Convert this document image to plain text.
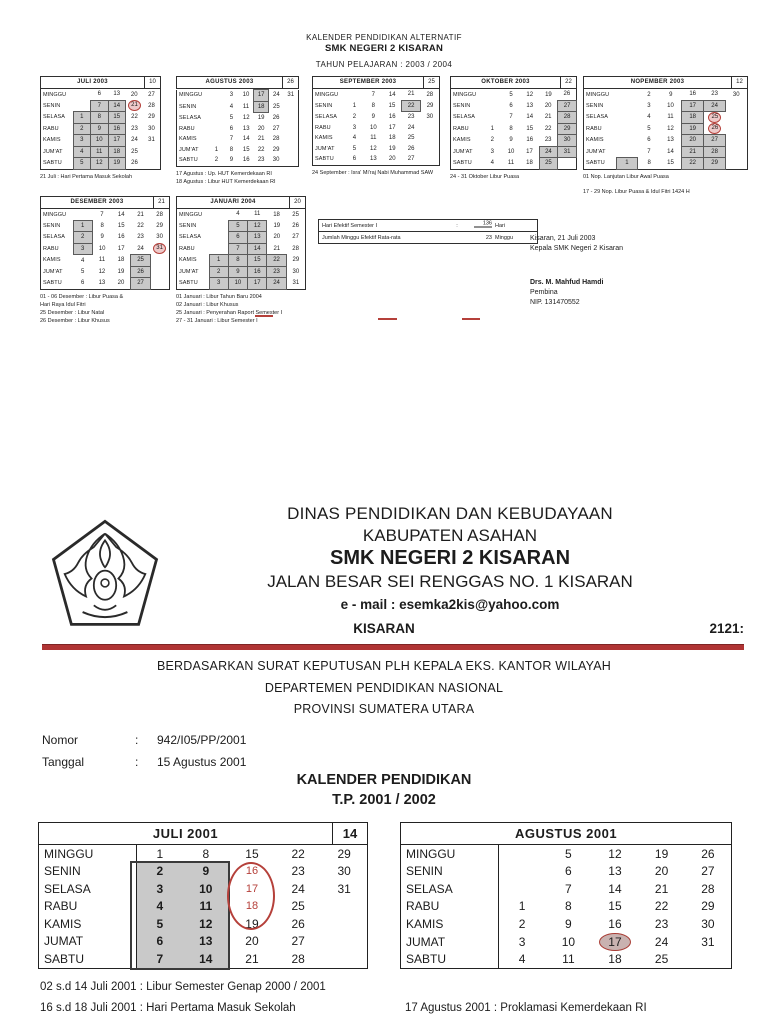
KALENDER PENDIDIKAN ALTERNATIF
SMK NEGERI 2 KISARAN
TAHUN PELAJARAN : 2003 / 2004
JULI 2003	10
MINGGU		6	13	20	27
SENIN		7	14	21	28
SELASA	1	8	15	22	29
RABU	2	9	16	23	30
KAMIS	3	10	17	24	31
JUM'AT	4	11	18	25	
SABTU	5	12	19	26	
21 Juli : Hari Pertama Masuk Sekolah
AGUSTUS 2003	26
MINGGU		3	10	17	24	31
SENIN		4	11	18	25	
SELASA		5	12	19	26	
RABU		6	13	20	27	
KAMIS		7	14	21	28	
JUM'AT	1	8	15	22	29	
SABTU	2	9	16	23	30	
17 Agustus : Up. HUT Kemerdekaan RI
18 Agustus : Libur HUT Kemerdekaan RI
SEPTEMBER 2003	25
MINGGU		7	14	21	28
SENIN	1	8	15	22	29
SELASA	2	9	16	23	30
RABU	3	10	17	24	
KAMIS	4	11	18	25	
JUM'AT	5	12	19	26	
SABTU	6	13	20	27	
24 September : Isra' Mi'raj Nabi Muhammad SAW
OKTOBER 2003	22
MINGGU		5	12	19	26
SENIN		6	13	20	27
SELASA		7	14	21	28
RABU	1	8	15	22	29
KAMIS	2	9	16	23	30
JUM'AT	3	10	17	24	31
SABTU	4	11	18	25	
24 - 31 Oktober Libur Puasa
NOPEMBER 2003	12
MINGGU		2	9	16	23	30
SENIN		3	10	17	24	
SELASA		4	11	18	25	
RABU		5	12	19	26	
KAMIS		6	13	20	27	
JUM'AT		7	14	21	28	
SABTU	1	8	15	22	29	
01 Nop. Lanjutan Libur Awal Puasa
17 - 29 Nop. Libur Puasa & Idul Fitri 1424 H
DESEMBER 2003	21
MINGGU		7	14	21	28
SENIN	1	8	15	22	29
SELASA	2	9	16	23	30
RABU	3	10	17	24	31
KAMIS	4	11	18	25	
JUM'AT	5	12	19	26	
SABTU	6	13	20	27	
01 - 06 Desember : Libur Puasa &
Hari Raya Idul Fitri
25 Desember : Libur Natal
26 Desember : Libur Khusus
JANUARI 2004	20
MINGGU		4	11	18	25
SENIN		5	12	19	26
SELASA		6	13	20	27
RABU		7	14	21	28
KAMIS	1	8	15	22	29
JUM'AT	2	9	16	23	30
SABTU	3	10	17	24	31
01 Januari : Libur Tahun Baru 2004
02 Januari : Libur Khusus
25 Januari : Penyerahan Raport Semester I
27 - 31 Januari : Libur Semester I
Hari Efektif Semester I	:	136 Hari
Jumlah Minggu Efektif Rata-rata	23 Minggu Kisaran, 21 Juli 2003
Kepala SMK Negeri 2 Kisaran
Drs. M. Mahfud Hamdi
Pembina
NIP. 131470552
DINAS PENDIDIKAN DAN KEBUDAYAAN
KABUPATEN ASAHAN
SMK NEGERI 2 KISARAN
JALAN BESAR SEI RENGGAS NO. 1 KISARAN
e - mail : esemka2kis@yahoo.com
KISARAN	2121:
BERDASARKAN SURAT KEPUTUSAN PLH KEPALA EKS. KANTOR WILAYAH
DEPARTEMEN PENDIDIKAN NASIONAL
PROVINSI SUMATERA UTARA
Nomor	:	942/I05/PP/2001
Tanggal	:	15 Agustus 2001
KALENDER PENDIDIKAN
T.P. 2001 / 2002
JULI 2001	14
MINGGU	1	8	15	22	29
SENIN	2	9	16	23	30
SELASA	3	10	17	24	31
RABU	4	11	18	25	
KAMIS	5	12	19	26	
JUMAT	6	13	20	27	
SABTU	7	14	21	28	
AGUSTUS 2001
MINGGU		5	12	19	26
SENIN		6	13	20	27
SELASA		7	14	21	28
RABU	1	8	15	22	29
KAMIS	2	9	16	23	30
JUMAT	3	10	17	24	31
SABTU	4	11	18	25	
02 s.d 14 Juli 2001 : Libur Semester Genap 2000 / 2001
16 s.d 18 Juli 2001 : Hari Pertama Masuk Sekolah	17 Agustus 2001 : Proklamasi Kemerdekaan RI
